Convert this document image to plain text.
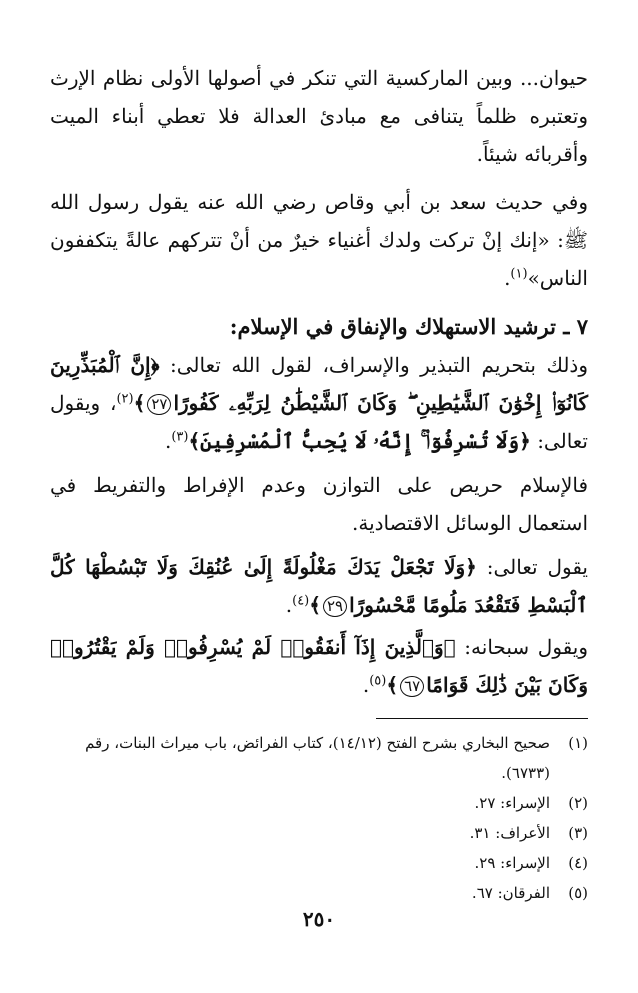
حيوان... وبين الماركسية التي تنكر في أصولها الأولى نظام الإرث وتعتبره ظلماً يتنافى مع مبادئ العدالة فلا تعطي أبناء الميت وأقربائه شيئاً.
وفي حديث سعد بن أبي وقاص رضي الله عنه يقول رسول الله ﷺ: «إنك إنْ تركت ولدك أغنياء خيرٌ من أنْ تتركهم عالةً يتكففون الناس»$^{(١)}$.
٧ ـ ترشيد الاستهلاك والإنفاق في الإسلام:
وذلك بتحريم التبذير والإسراف، لقول الله تعالى: ﴿إِنَّ ٱلْمُبَذِّرِينَ كَانُوٓا۟ إِخْوَٰنَ ٱلشَّيَٰطِينِ ۖ وَكَانَ ٱلشَّيْطَٰنُ لِرَبِّهِۦ كَفُورًا٢٧﴾$^{(٢)}$، ويقول تعالى: ﴿وَلَا تُسْرِفُوٓا۟ ۚ إِنَّهُۥ لَا يُحِبُّ ٱلْمُسْرِفِينَ﴾$^{(٣)}$.
فالإسلام حريص على التوازن وعدم الإفراط والتفريط في استعمال الوسائل الاقتصادية.
يقول تعالى: ﴿وَلَا تَجْعَلْ يَدَكَ مَغْلُولَةً إِلَىٰ عُنُقِكَ وَلَا تَبْسُطْهَا كُلَّ ٱلْبَسْطِ فَتَقْعُدَ مَلُومًا مَّحْسُورًا٢٩﴾$^{(٤)}$.
ويقول سبحانه: ﴿وَٱلَّذِينَ إِذَآ أَنفَقُوا۟ لَمْ يُسْرِفُوا۟ وَلَمْ يَقْتُرُوا۟ وَكَانَ بَيْنَ ذَٰلِكَ قَوَامًا٦٧﴾$^{(٥)}$.
(١)
صحيح البخاري بشرح الفتح (١٤/١٢)، كتاب الفرائض، باب ميراث البنات، رقم (٦٧٣٣).
(٢)
الإسراء: ٢٧.
(٣)
الأعراف: ٣١.
(٤)
الإسراء: ٢٩.
(٥)
الفرقان: ٦٧.
٢٥٠
